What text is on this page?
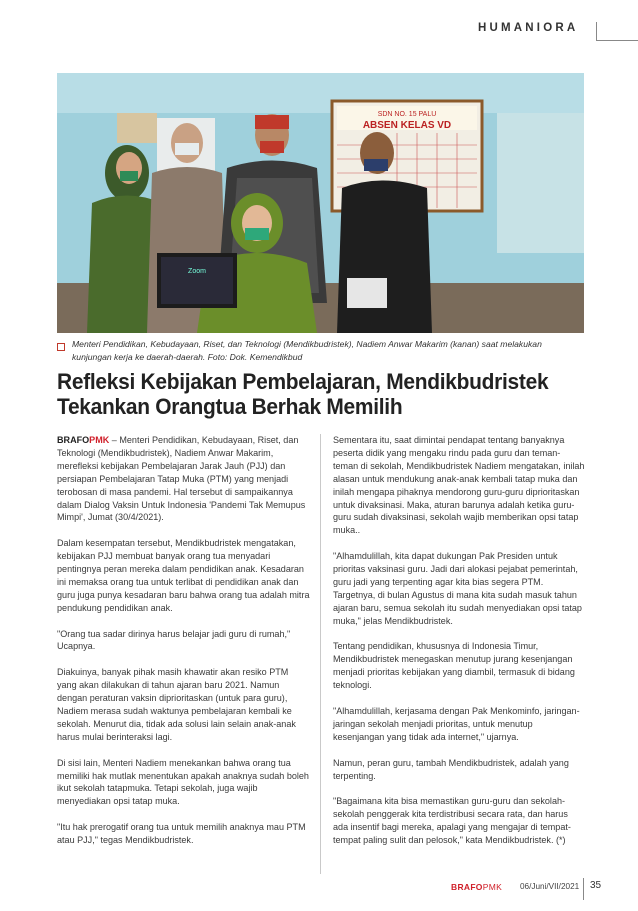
HUMANIORA
SDN NO. 15 PALU
ABSEN KELAS VD
Zoom
Menteri Pendidikan, Kebudayaan, Riset, dan Teknologi (Mendikbudristek), Nadiem Anwar Makarim (kanan) saat melakukan kunjungan kerja ke daerah-daerah. Foto: Dok. Kemendikbud
Refleksi Kebijakan Pembelajaran, Mendikbudristek
Tekankan Orangtua Berhak Memilih

BRAFOPMK – Menteri Pendidikan, Kebudayaan, Riset, dan Teknologi (Mendikbudristek), Nadiem Anwar Makarim, merefleksi kebijakan Pembelajaran Jarak Jauh (PJJ) dan persiapan Pembelajaran Tatap Muka (PTM) yang menjadi terobosan di masa pandemi. Hal tersebut di sampaikannya dalam Dialog Vaksin Untuk Indonesia 'Pandemi Tak Memupus Mimpi', Jumat (30/4/2021).

Dalam kesempatan tersebut, Mendikbudristek mengatakan, kebijakan PJJ membuat banyak orang tua menyadari pentingnya peran mereka dalam pendidikan anak. Kesadaran ini memaksa orang tua untuk terlibat di pendidikan anak dan guru juga punya kesadaran baru bahwa orang tua adalah mitra pendukung pendidikan anak.

"Orang tua sadar dirinya harus belajar jadi guru di rumah," Ucapnya.

Diakuinya, banyak pihak masih khawatir akan resiko PTM yang akan dilakukan di tahun ajaran baru 2021. Namun dengan peraturan vaksin diprioritaskan (untuk para guru), Nadiem merasa sudah waktunya pembelajaran kembali ke sekolah. Menurut dia, tidak ada solusi lain selain anak-anak harus mulai berinteraksi lagi.

Di sisi lain, Menteri Nadiem menekankan bahwa orang tua memiliki hak mutlak menentukan apakah anaknya sudah boleh ikut sekolah tatapmuka. Tetapi sekolah, juga wajib menyediakan opsi tatap muka.

"Itu hak prerogatif orang tua untuk memilih anaknya mau PTM atau PJJ," tegas Mendikbudristek.

Sementara itu, saat dimintai pendapat tentang banyaknya peserta didik yang mengaku rindu pada guru dan teman-teman di sekolah, Mendikbudristek Nadiem mengatakan, inilah alasan untuk mendukung anak-anak kembali tatap muka dan inilah mengapa pihaknya mendorong guru-guru diprioritaskan untuk divaksinasi. Maka, aturan barunya adalah ketika guru-guru sudah divaksinasi, sekolah wajib memberikan opsi tatap muka..

"Alhamdulillah, kita dapat dukungan Pak Presiden untuk prioritas vaksinasi guru. Jadi dari alokasi pejabat pemerintah, guru jadi yang terpenting agar kita bias segera PTM. Targetnya, di bulan Agustus di mana kita sudah masuk tahun ajaran baru, semua sekolah itu sudah menyediakan opsi tatap muka," jelas Mendikbudristek.

Tentang pendidikan, khususnya di Indonesia Timur, Mendikbudristek menegaskan menutup jurang kesenjangan menjadi prioritas kebijakan yang diambil, termasuk di bidang teknologi.

"Alhamdulillah, kerjasama dengan Pak Menkominfo, jaringan-jaringan sekolah menjadi prioritas, untuk menutup kesenjangan yang tidak ada internet," ujarnya.

Namun, peran guru, tambah Mendikbudristek, adalah yang terpenting.

"Bagaimana kita bisa memastikan guru-guru dan sekolah-sekolah penggerak kita terdistribusi secara rata, dan harus ada insentif bagi mereka, apalagi yang mengajar di tempat-tempat paling sulit dan pelosok," kata Mendikbudristek. (*)

BRAFOPMK 06/Juni/VII/2021 35
